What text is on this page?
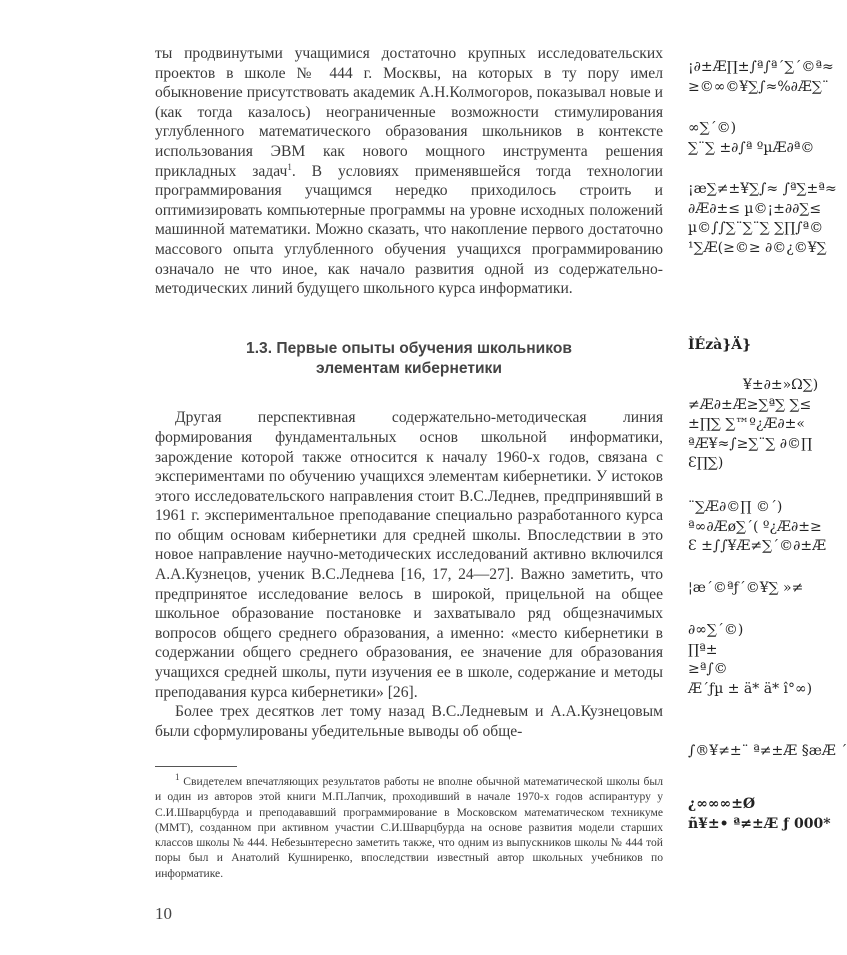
ты продвинутыми учащимися достаточно крупных исследовательских проектов в школе № 444 г. Москвы, на которых в ту пору имел обыкновение присутствовать академик А.Н.Колмогоров, показывал новые и (как тогда казалось) неограниченные возможности стимулирования углубленного математического образования школьников в контексте использования ЭВМ как нового мощного инструмента решения прикладных задач$^1$. В условиях применявшейся тогда технологии программирования учащимся нередко приходилось строить и оптимизировать компьютерные программы на уровне исходных положений машинной математики. Можно сказать, что накопление первого достаточно массового опыта углубленного обучения учащихся программированию означало не что иное, как начало развития одной из содержательно-методических линий будущего школьного курса информатики.

1.3. Первые опыты обучения школьников
элементам кибернетики

Другая перспективная содержательно-методическая линия формирования фундаментальных основ школьной информатики, зарождение которой также относится к началу 1960-х годов, связана с экспериментами по обучению учащихся элементам кибернетики. У истоков этого исследовательского направления стоит В.С.Леднев, предпринявший в 1961 г. экспериментальное преподавание специально разработанного курса по общим основам кибернетики для средней школы. Впоследствии в это новое направление научно-методических исследований активно включился А.А.Кузнецов, ученик В.С.Леднева [16, 17, 24—27]. Важно заметить, что предпринятое исследование велось в широкой, прицельной на общее школьное образование постановке и захватывало ряд общезначимых вопросов общего среднего образования, а именно: «место кибернетики в содержании общего среднего образования, ее значение для образования учащихся средней школы, пути изучения ее в школе, содержание и методы преподавания курса кибернетики» [26].

Более трех десятков лет тому назад В.С.Ледневым и А.А.Кузнецовым были сформулированы убедительные выводы об обще-

$^1$ Свидетелем впечатляющих результатов работы не вполне обычной математической школы был и один из авторов этой книги М.П.Лапчик, проходивший в начале 1970-х годов аспирантуру у С.И.Шварцбурда и преподававший программирование в Московском математическом техникуме (ММТ), созданном при активном участии С.И.Шварцбурда на основе развития модели старших классов школы № 444. Небезынтересно заметить также, что одним из выпускников школы № 444 той поры был и Анатолий Кушниренко, впоследствии известный автор школьных учебников по информатике.

10
¡∂±Æ∏±∫ª∫ª´∑´©ª≈
≥©∞©¥∑∫≈%∂Æ∑¨
∞∑´©)
∑¨∑ ±∂∫ª ºµÆ∂ª©
¡æ∑≠±¥∑∫≈ ∫ª∑±ª≈
∂Æ∂±≤ µ©¡±∂∂∑≤
µ©∫∫∑¨∑¨∑ ∑∏∫ª©
¹∑Æ(≥©≥ ∂©¿©¥∑
ÌÉzà}Ä}
¥±∂±»Ω∑)
≠Æ∂±Æ≥∑ª∑ ∑≤
±∏∑ ∑™º¿Æ∂±«
ªÆ¥≈∫≥∑¨∑ ∂©∏
Ɛ∏∑)
¨∑Æ∂©∏ ©´)
ª∞∂Æø∑´( º¿Æ∂±≥
Ɛ ±∫∫¥Æ≠∑´©∂±Æ
¦æ´©ªƒ´©¥∑ »≠
∂∞∑´©)
∏ª±
≥ª∫©
Æ´ƒµ ± ä* ä* î°∞)
∫®¥≠±¨ ª≠±Æ §æÆ ´
¿∞∞∞±Ø
ñ¥±• ª≠±Æ ƒ 000*
